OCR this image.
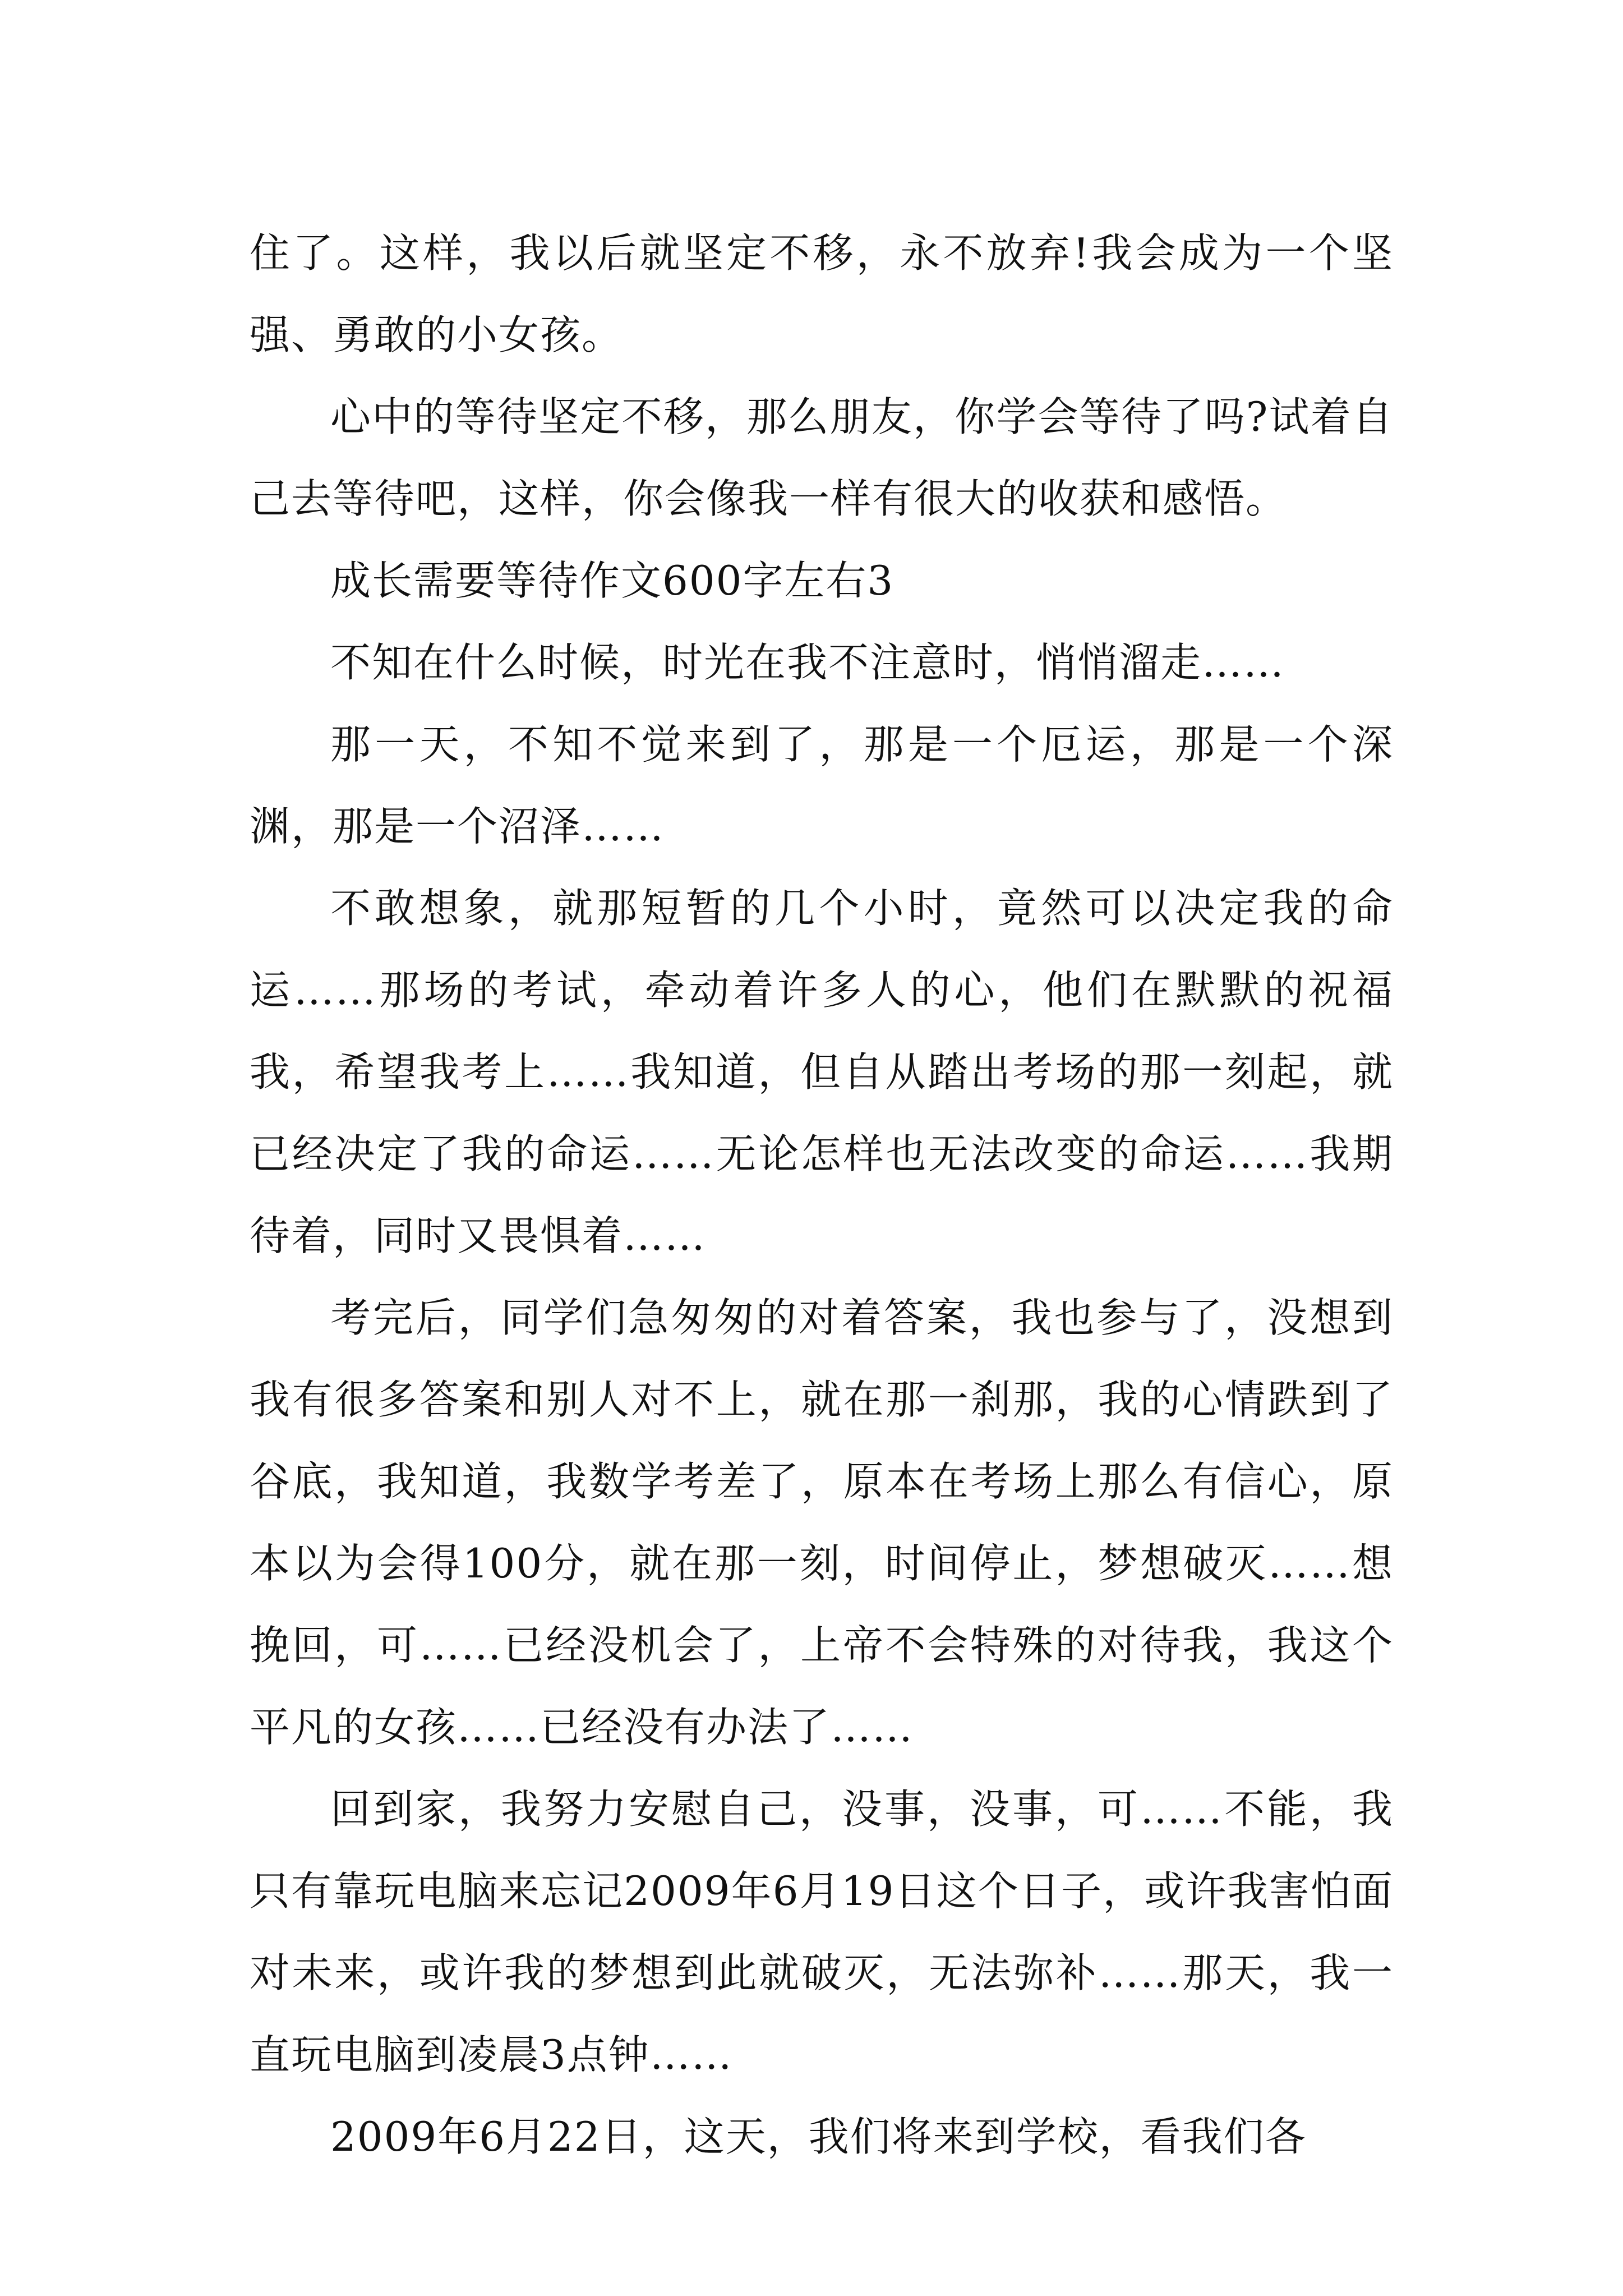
住了。这样，我以后就坚定不移，永不放弃!我会成为一个坚强、勇敢的小女孩。

心中的等待坚定不移，那么朋友，你学会等待了吗?试着自己去等待吧，这样，你会像我一样有很大的收获和感悟。

成长需要等待作文600字左右3

不知在什么时候，时光在我不注意时，悄悄溜走……

那一天，不知不觉来到了，那是一个厄运，那是一个深渊，那是一个沼泽……

不敢想象，就那短暂的几个小时，竟然可以决定我的命运……那场的考试，牵动着许多人的心，他们在默默的祝福我，希望我考上……我知道，但自从踏出考场的那一刻起，就已经决定了我的命运……无论怎样也无法改变的命运……我期待着，同时又畏惧着……

考完后，同学们急匆匆的对着答案，我也参与了，没想到我有很多答案和别人对不上，就在那一刹那，我的心情跌到了谷底，我知道，我数学考差了，原本在考场上那么有信心，原本以为会得100分，就在那一刻，时间停止，梦想破灭……想挽回，可……已经没机会了，上帝不会特殊的对待我，我这个平凡的女孩……已经没有办法了……

回到家，我努力安慰自己，没事，没事，可……不能，我只有靠玩电脑来忘记2009年6月19日这个日子，或许我害怕面对未来，或许我的梦想到此就破灭，无法弥补……那天，我一直玩电脑到凌晨3点钟……

2009年6月22日，这天，我们将来到学校，看我们各
